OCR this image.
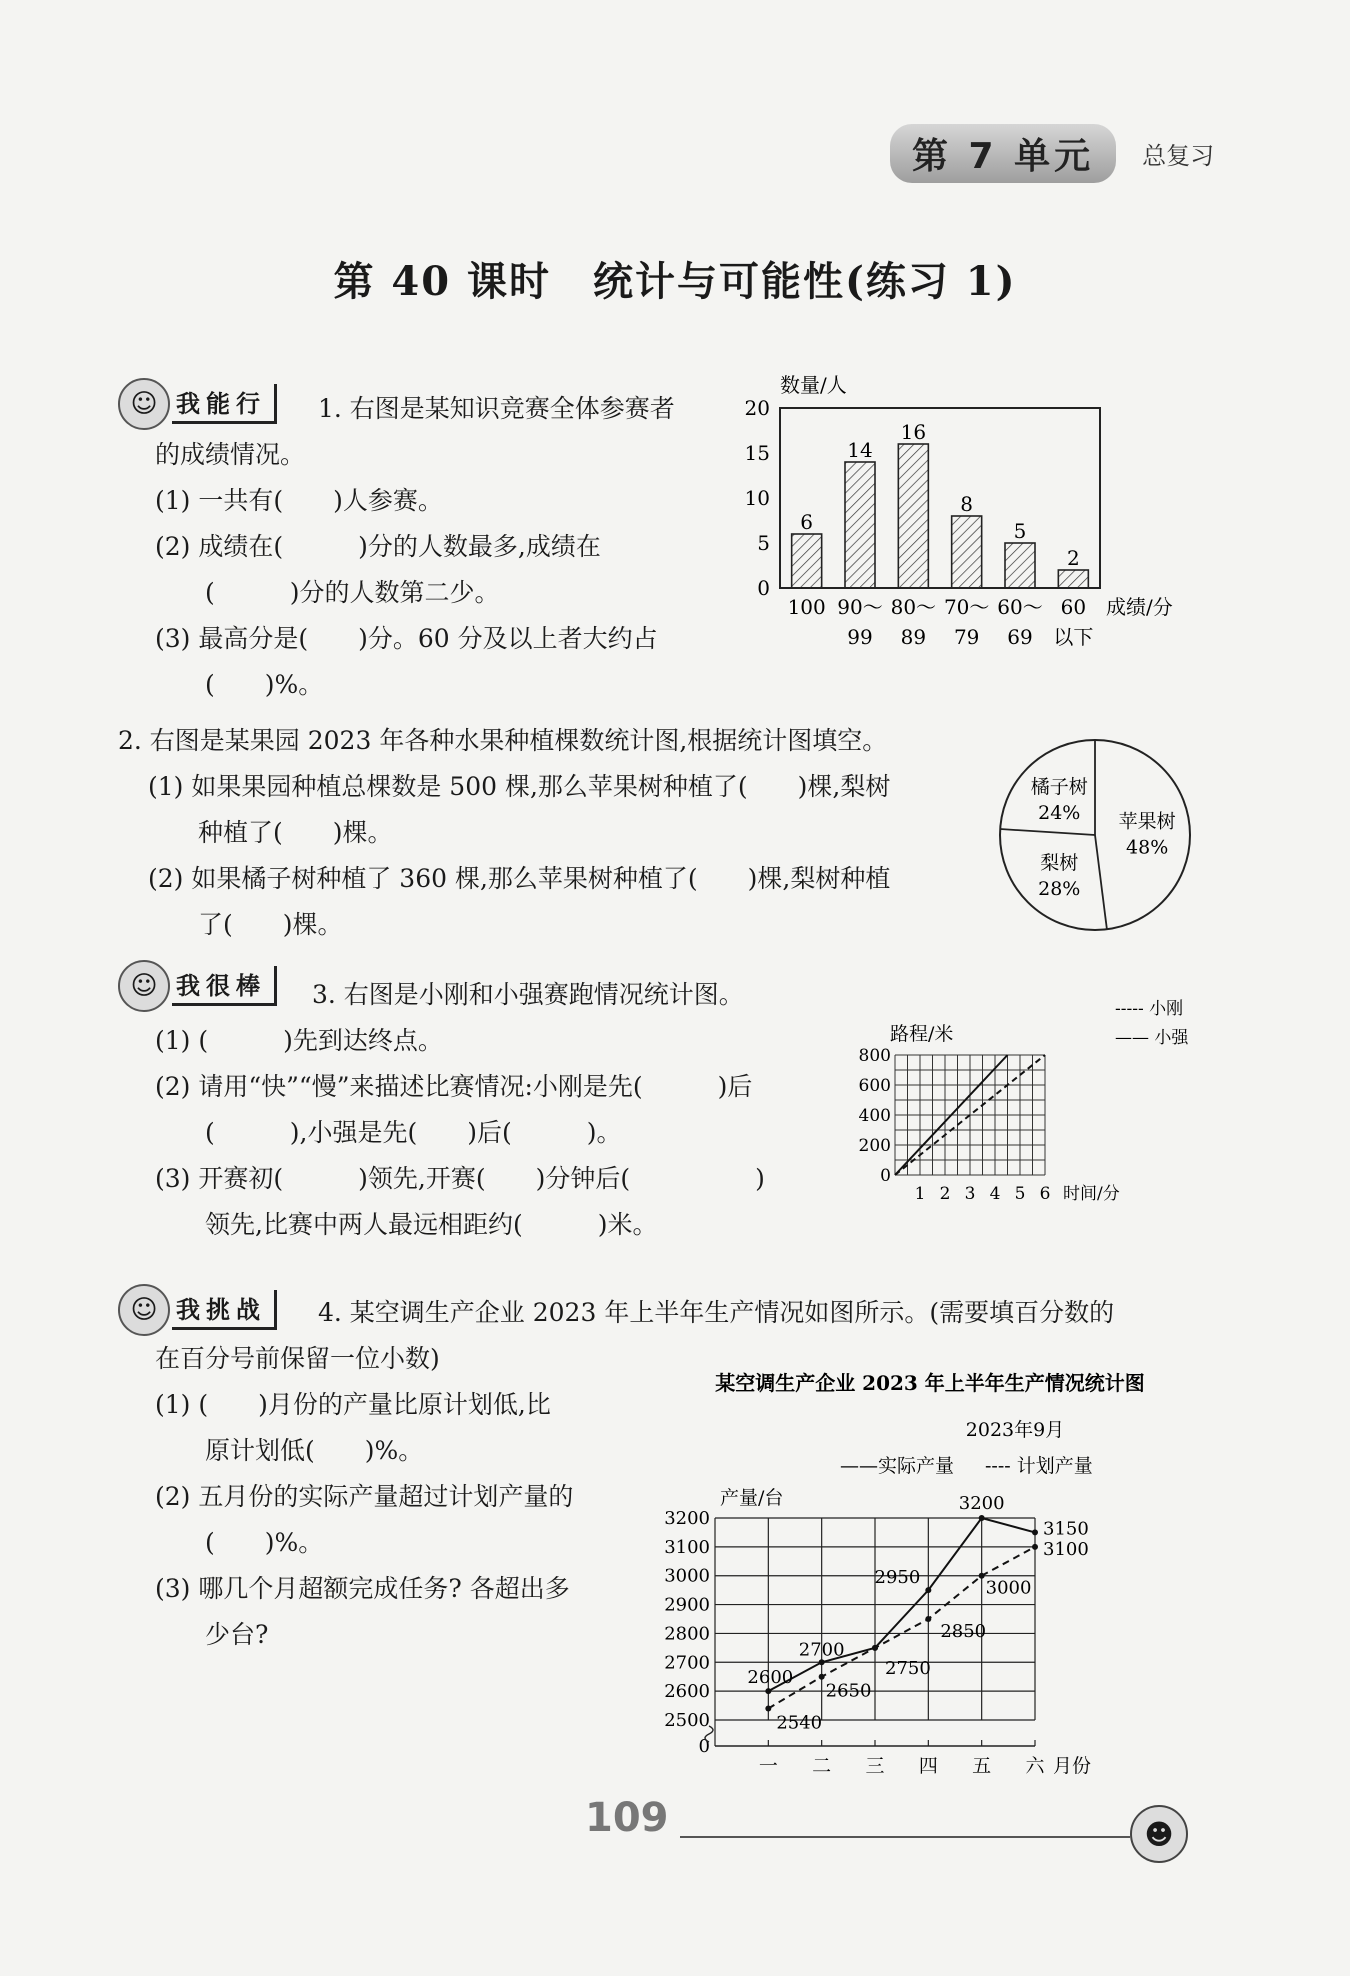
第 7 单元	总复习
第 40 课时　统计与可能性(练习 1)
☺ 我能行	1. 右图是某知识竞赛全体参赛者
的成绩情况。
(1) 一共有(　　)人参赛。
(2) 成绩在(　　　)分的人数最多,成绩在
(　　　)分的人数第二少。
(3) 最高分是(　　)分。60 分及以上者大约占
(　　)%。
数量/人
0
5
10
15
20
6
100
14
90～
99
16
80～
89
8
70～
79
5
60～
69
2
60
以下
成绩/分
2. 右图是某果园 2023 年各种水果种植棵数统计图,根据统计图填空。
(1) 如果果园种植总棵数是 500 棵,那么苹果树种植了(　　)棵,梨树
种植了(　　)棵。
(2) 如果橘子树种植了 360 棵,那么苹果树种植了(　　)棵,梨树种植
了(　　)棵。
苹果树
48%
梨树
28%
橘子树
24%
☺ 我很棒	3. 右图是小刚和小强赛跑情况统计图。
(1) (　　　)先到达终点。
(2) 请用“快”“慢”来描述比赛情况:小刚是先(　　　)后
(　　　),小强是先(　　)后(　　　)。
(3) 开赛初(　　　)领先,开赛(　　)分钟后(　　　　　)
领先,比赛中两人最远相距约(　　　)米。
----- 小刚
—— 小强
路程/米
0
200
400
600
800
1 2 3 4 5 6 时间/分
☺ 我挑战	4. 某空调生产企业 2023 年上半年生产情况如图所示。(需要填百分数的
在百分号前保留一位小数)
(1) (　　)月份的产量比原计划低,比
原计划低(　　)%。
(2) 五月份的实际产量超过计划产量的
(　　)%。
(3) 哪几个月超额完成任务? 各超出多
少台?
某空调生产企业 2023 年上半年生产情况统计图
2023年9月
——实际产量 ---- 计划产量
产量/台
2500
2600
2700
2800
2900
3000
3100
3200
0
一 二 三 四 五 六 月份
2600
2700
2750
2950
3200
3150
2540
2650
2850
3000
3100
109	☻
